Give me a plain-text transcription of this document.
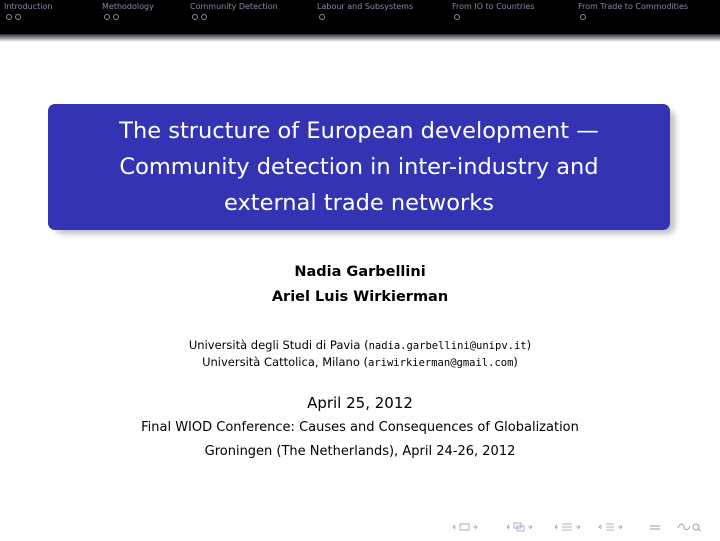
Introduction	Methodology	Community Detection	Labour and Subsystems	From IO to Countries	From Trade to Commodities
The structure of European development —
Community detection in inter-industry and
external trade networks
Nadia Garbellini
Ariel Luis Wirkierman
Università degli Studi di Pavia (nadia.garbellini@unipv.it)
Università Cattolica, Milano (ariwirkierman@gmail.com)
April 25, 2012
Final WIOD Conference: Causes and Consequences of Globalization
Groningen (The Netherlands), April 24-26, 2012
